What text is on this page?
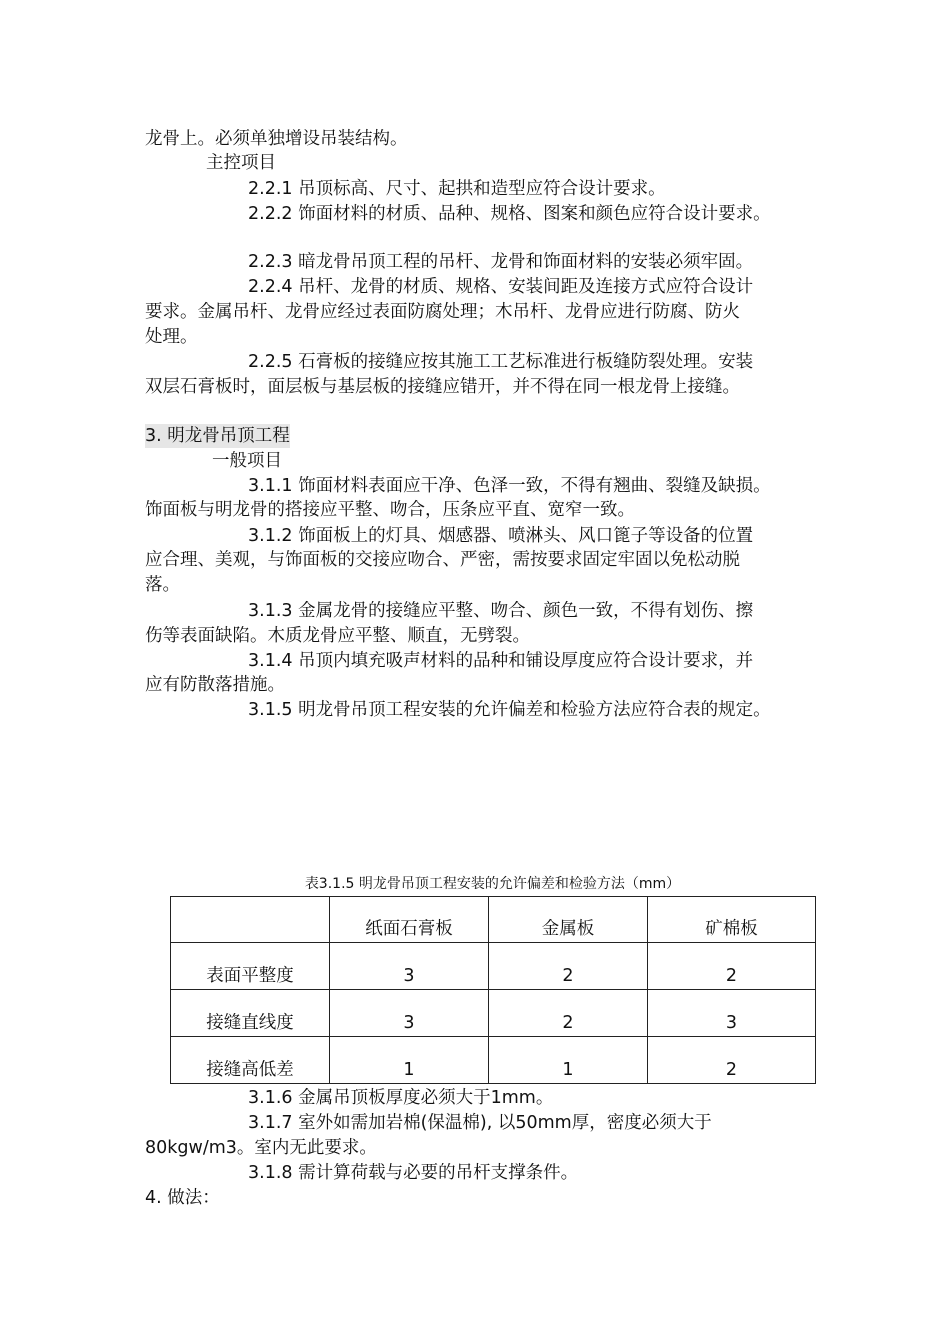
龙骨上。必须单独增设吊装结构。
主控项目
2.2.1 吊顶标高、尺寸、起拱和造型应符合设计要求。
2.2.2 饰面材料的材质、品种、规格、图案和颜色应符合设计要求。
2.2.3 暗龙骨吊顶工程的吊杆、龙骨和饰面材料的安装必须牢固。
2.2.4 吊杆、龙骨的材质、规格、安装间距及连接方式应符合设计
要求。金属吊杆、龙骨应经过表面防腐处理；木吊杆、龙骨应进行防腐、防火
处理。
2.2.5 石膏板的接缝应按其施工工艺标准进行板缝防裂处理。安装
双层石膏板时，面层板与基层板的接缝应错开，并不得在同一根龙骨上接缝。
3. 明龙骨吊顶工程
一般项目
3.1.1 饰面材料表面应干净、色泽一致，不得有翘曲、裂缝及缺损。
饰面板与明龙骨的搭接应平整、吻合，压条应平直、宽窄一致。
3.1.2 饰面板上的灯具、烟感器、喷淋头、风口篦子等设备的位置
应合理、美观，与饰面板的交接应吻合、严密，需按要求固定牢固以免松动脱
落。
3.1.3 金属龙骨的接缝应平整、吻合、颜色一致，不得有划伤、擦
伤等表面缺陷。木质龙骨应平整、顺直，无劈裂。
3.1.4 吊顶内填充吸声材料的品种和铺设厚度应符合设计要求，并
应有防散落措施。
3.1.5 明龙骨吊顶工程安装的允许偏差和检验方法应符合表的规定。
表3.1.5 明龙骨吊顶工程安装的允许偏差和检验方法（mm）
	纸面石膏板	金属板	矿棉板
表面平整度	3	2	2
接缝直线度	3	2	3
接缝高低差	1	1	2
3.1.6 金属吊顶板厚度必须大于1mm。
3.1.7 室外如需加岩棉(保温棉), 以50mm厚，密度必须大于
80kgw/m3。室内无此要求。
3.1.8 需计算荷载与必要的吊杆支撑条件。
4. 做法：
